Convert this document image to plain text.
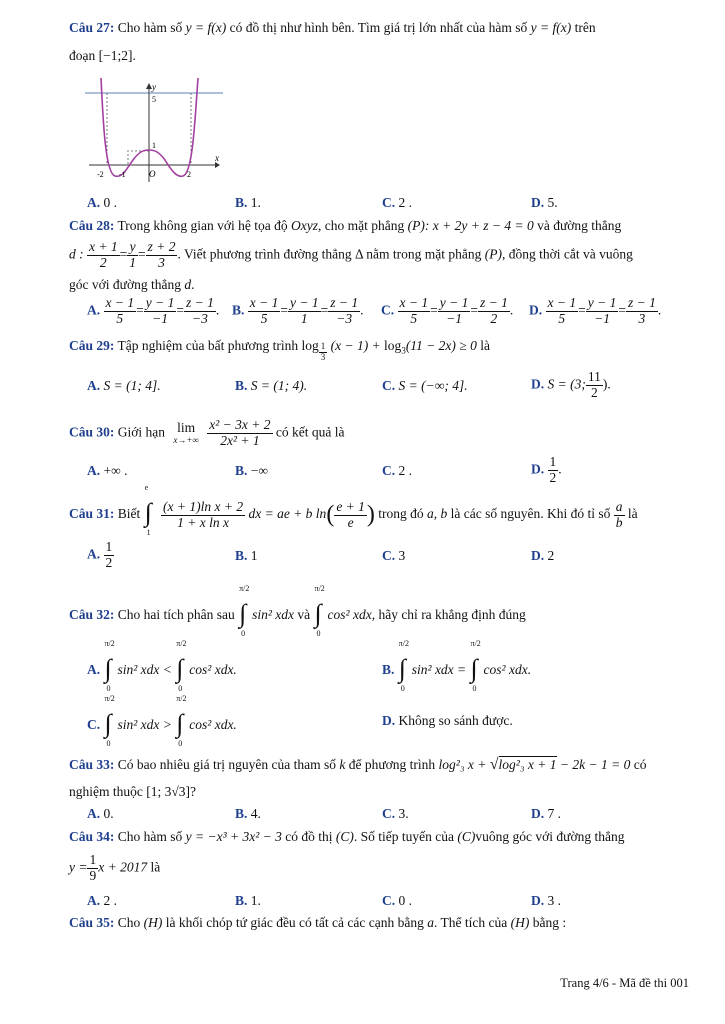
Câu 27: Cho hàm số y = f(x) có đồ thị như hình bên. Tìm giá trị lớn nhất của hàm số y = f(x) trên
đoạn [−1;2].
y
x
5
1
-2 -1	O	2
A. 0 .	B. 1.	C. 2 .	D. 5.
Câu 28: Trong không gian với hệ tọa độ Oxyz, cho mặt phẳng (P): x + 2y + z − 4 = 0 và đường thẳng
d : $\frac{x + 1}{2} = \frac{y}{1} = \frac{z + 2}{3}$ . Viết phương trình đường thẳng Δ nằm trong mặt phẳng (P), đồng thời cắt và vuông
góc với đường thẳng d.
A. $\frac{x - 1}{5} = \frac{y - 1}{-1} = \frac{z - 1}{-3}$ . B. $\frac{x - 1}{5} = \frac{y - 1}{1} = \frac{z - 1}{-3}$ . C. $\frac{x - 1}{5} = \frac{y - 1}{-1} = \frac{z - 1}{2}$ . D. $\frac{x - 1}{5} = \frac{y - 1}{-1} = \frac{z - 1}{3}$ .
Câu 29: Tập nghiệm của bất phương trình $\log \frac{1}{3} (x - 1) + \log_3(11 - 2x) \ge 0$ là
A. S = (1; 4].	B. S = (1; 4).	C. S = (−∞; 4].	D. S = (3; $\frac{11}{2}$ ).
Câu 30: Giới hạn lim
x→+∞
$\frac{\text{x² − 3x + 2}}{\text{2x² + 1}}$ có kết quả là
A. +∞ .	B. −∞	C. 2 .	D. $\frac{1}{2}$ .
Câu 31: Biết
e
∫
1

$\frac{\text{(x + 1)ln x + 2}}{\text{1 + x ln x}}$ dx = ae + b $\ln( \frac{e + 1}{e}$ ) trong đó a, b là các số nguyên. Khi đó tỉ số $\frac{a}{b}$ là
A. $\frac{1}{2}$	B. 1	C. 3	D. 2
Câu 32: Cho hai tích phân sau
π/2
∫
0
sin² xdx và
π/2
∫
0
cos² xdx, hãy chỉ ra khẳng định đúng
A.
π/2
∫
0
sin² xdx <
π/2
∫
0
cos² xdx.	B.
π/2
∫
0
sin² xdx =
π/2
∫
0
cos² xdx.
C.
π/2
∫
0
sin² xdx >
π/2
∫
0
cos² xdx.	D. Không so sánh được.
Câu 33: Có bao nhiêu giá trị nguyên của tham số k để phương trình log²₃ x + √log²₃ x + 1 − 2k − 1 = 0 có
nghiệm thuộc [1; 3√3]?
A. 0.	B. 4.	C. 3.	D. 7 .
Câu 34: Cho hàm số y = −x³ + 3x² − 3 có đồ thị (C). Số tiếp tuyến của (C)vuông góc với đường thẳng
$y = \frac{1}{9}$ x + 2017 là
A. 2 .	B. 1.	C. 0 .	D. 3 .
Câu 35: Cho (H) là khối chóp tứ giác đều có tất cả các cạnh bằng a. Thể tích của (H) bằng :
Trang 4/6 - Mã đề thi 001
